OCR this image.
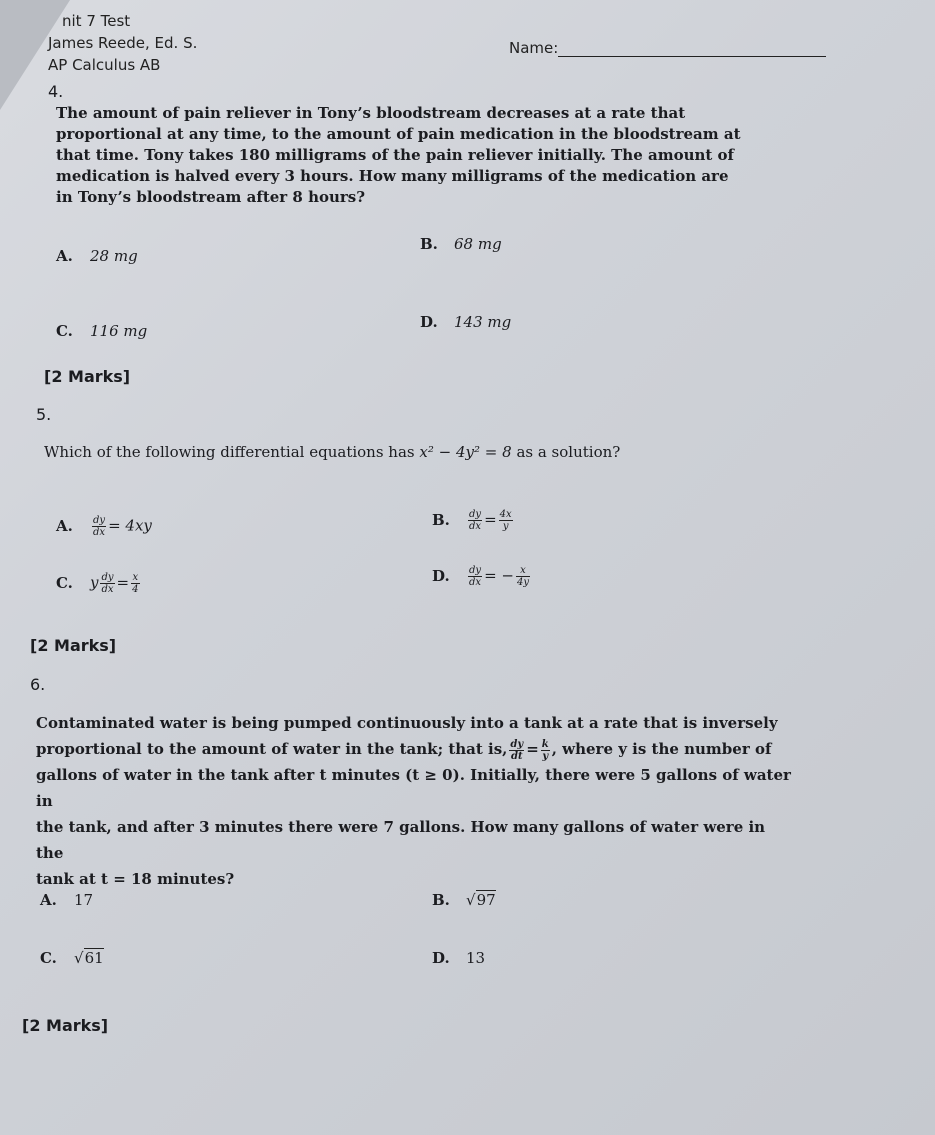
nit 7 Test
James Reede, Ed. S.
AP Calculus AB
Name:
4.
The amount of pain reliever in Tony’s bloodstream decreases at a rate that proportional at any time, to the amount of pain medication in the bloodstream at that time. Tony takes 180 milligrams of the pain reliever initially. The amount of medication is halved every 3 hours. How many milligrams of the medication are in Tony’s bloodstream after 8 hours?
A. 28 mg
B. 68 mg
C. 116 mg	D. 143 mg
[2 Marks]
5.
Which of the following differential equations has x² − 4y² = 8 as a solution?
A. $\frac{dy}{dx} = 4xy$	B. $\frac{dy}{dx} = \frac{4x}{y}$
C. y $\frac{dy}{dx} = \frac{x}{4}$	D. $\frac{dy}{dx}$ = − $\frac{x}{4y}$
[2 Marks]
6.
Contaminated water is being pumped continuously into a tank at a rate that is inversely
proportional to the amount of water in the tank; that is, $\frac{dy}{dt} = \frac{k}{y}$ , where y is the number of
gallons of water in the tank after t minutes (t ≥ 0). Initially, there were 5 gallons of water in
the tank, and after 3 minutes there were 7 gallons. How many gallons of water were in the
tank at t = 18 minutes?
A. 17	B. √97
C. √61	D. 13
[2 Marks]
